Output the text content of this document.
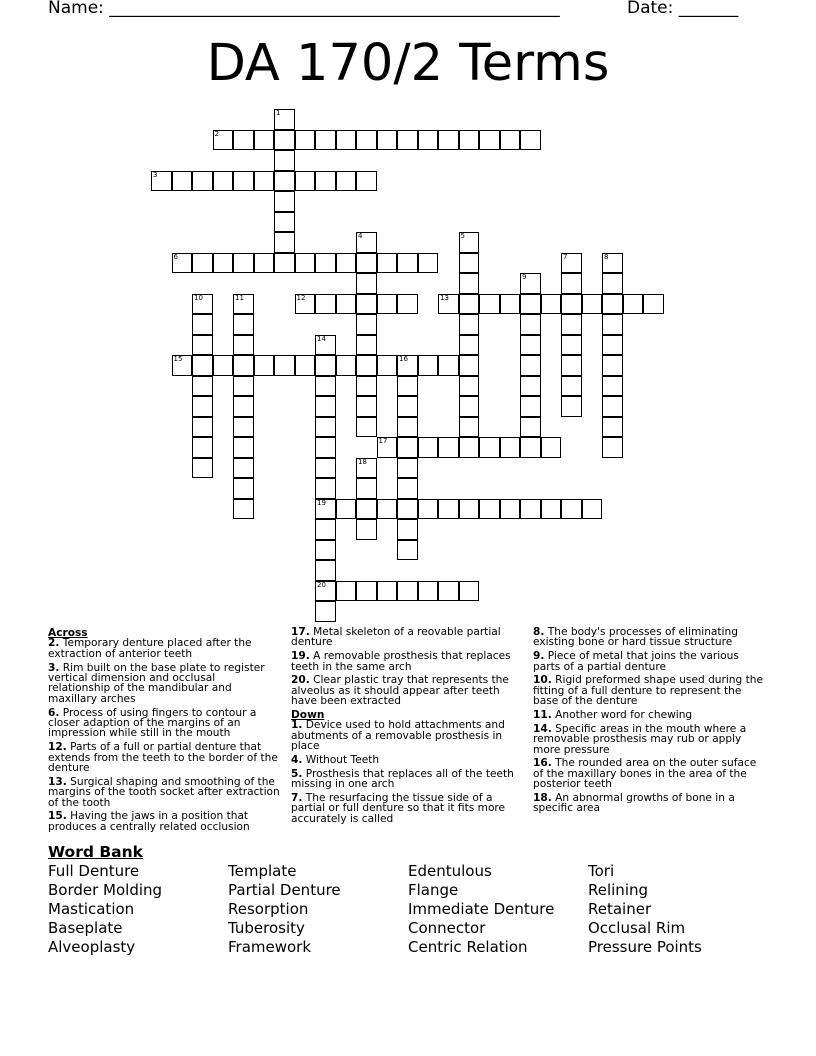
Name: _____________________________________________________	Date: _______
DA 170/2 Terms
1
2
3
4	5
6	7	8
9
10	11	12	13
14
19
20
15	16
17
18
Across
2. Temporary denture placed after the extraction of anterior teeth
3. Rim built on the base plate to register vertical dimension and occlusal relationship of the mandibular and maxillary arches
6. Process of using fingers to contour a closer adaption of the margins of an impression while still in the mouth
12. Parts of a full or partial denture that extends from the teeth to the border of the denture
13. Surgical shaping and smoothing of the margins of the tooth socket after extraction of the tooth
15. Having the jaws in a position that produces a centrally related occlusion
17. Metal skeleton of a reovable partial denture
19. A removable prosthesis that replaces teeth in the same arch
20. Clear plastic tray that represents the alveolus as it should appear after teeth have been extracted
Down
1. Device used to hold attachments and abutments of a removable prosthesis in place
4. Without Teeth
5. Prosthesis that replaces all of the teeth missing in one arch
7. The resurfacing the tissue side of a partial or full denture so that it fits more accurately is called
8. The body's processes of eliminating existing bone or hard tissue structure
9. Piece of metal that joins the various parts of a partial denture
10. Rigid preformed shape used during the fitting of a full denture to represent the base of the denture
11. Another word for chewing
14. Specific areas in the mouth where a removable prosthesis may rub or apply more pressure
16. The rounded area on the outer suface of the maxillary bones in the area of the posterior teeth
18. An abnormal growths of bone in a specific area
Word Bank
Full Denture
Border Molding
Mastication
Baseplate
Alveoplasty
Template
Partial Denture
Resorption
Tuberosity
Framework
Edentulous
Flange
Immediate Denture
Connector
Centric Relation
Tori
Relining
Retainer
Occlusal Rim
Pressure Points
